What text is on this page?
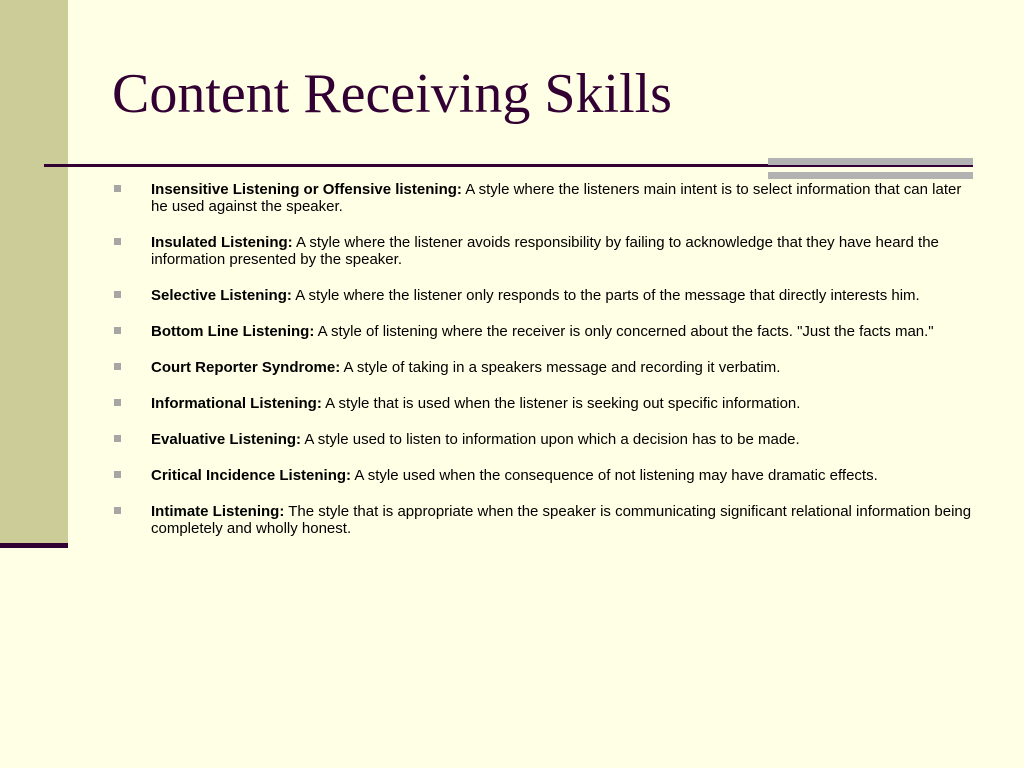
Content Receiving Skills
Insensitive Listening or Offensive listening: A style where the listeners main intent is to select information that can later he used against the speaker.
Insulated Listening: A style where the listener avoids responsibility by failing to acknowledge that they have heard the information presented by the speaker.
Selective Listening: A style where the listener only responds to the parts of the message that directly interests him.
Bottom Line Listening: A style of listening where the receiver is only concerned about the facts. "Just the facts man."
Court Reporter Syndrome: A style of taking in a speakers message and recording it verbatim.
Informational Listening: A style that is used when the listener is seeking out specific information.
Evaluative Listening: A style used to listen to information upon which a decision has to be made.
Critical Incidence Listening: A style used when the consequence of not listening may have dramatic effects.
Intimate Listening: The style that is appropriate when the speaker is communicating significant relational information being completely and wholly honest.
